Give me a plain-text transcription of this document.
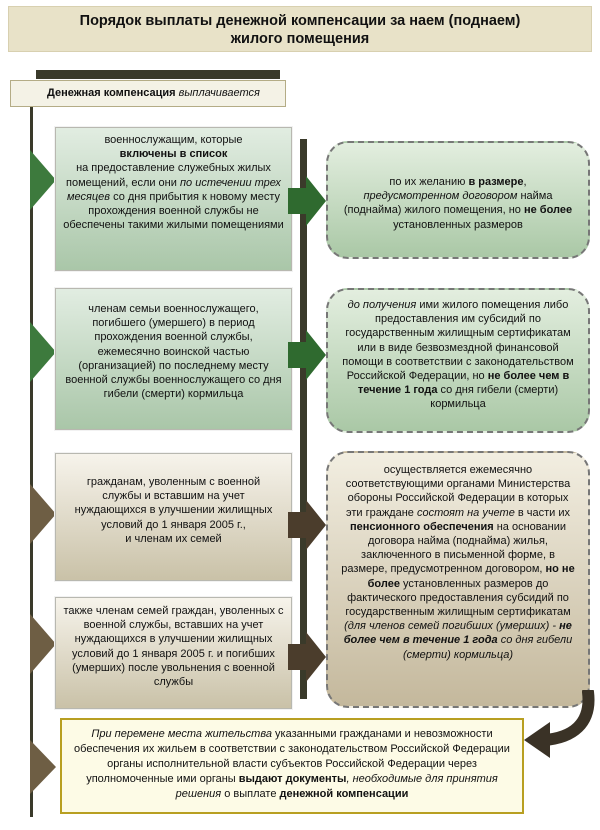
Порядок выплаты денежной компенсации за наем (поднаем)
жилого помещения
Денежная компенсация выплачивается
военнослужащим, которые
включены в список
на предоставление служебных жилых помещений, если они по истечении трех месяцев со дня прибытия к новому месту прохождения военной службы не обеспечены такими жилыми помещениями
членам семьи военнослужащего, погибшего (умершего) в период прохождения военной службы, ежемесячно воинской частью (организацией) по последнему месту военной службы военнослужащего со дня гибели (смерти) кормильца
гражданам, уволенным с военной службы и вставшим на учет нуждающихся в улучшении жилищных условий до 1 января 2005 г.,
и членам их семей
также членам семей граждан, уволенных с военной службы, вставших на учет нуждающихся в улучшении жилищных условий до 1 января 2005 г. и погибших (умерших) после увольнения с военной службы
по их желанию в размере, предусмотренном договором найма (поднайма) жилого помещения, но не более установленных размеров
до получения ими жилого помещения либо предоставления им субсидий по государственным жилищным сертификатам или в виде безвозмездной финансовой помощи в соответствии с законодательством Российской Федерации, но не более чем в течение 1 года со дня гибели (смерти) кормильца
осуществляется ежемесячно соответствующими органами Министерства обороны Российской Федерации в которых эти граждане состоят на учете в части их пенсионного обеспечения на основании договора найма (поднайма) жилья, заключенного в письменной форме, в размере, предусмотренном договором, но не более установленных размеров до фактического предоставления субсидий по государственным жилищным сертификатам (для членов семей погибших (умерших) - не более чем в течение 1 года со дня гибели (смерти) кормильца)
При перемене места жительства указанными гражданами и невозможности обеспечения их жильем в соответствии с законодательством Российской Федерации органы исполнительной власти субъектов Российской Федерации через уполномоченные ими органы выдают документы, необходимые для принятия решения о выплате денежной компенсации
